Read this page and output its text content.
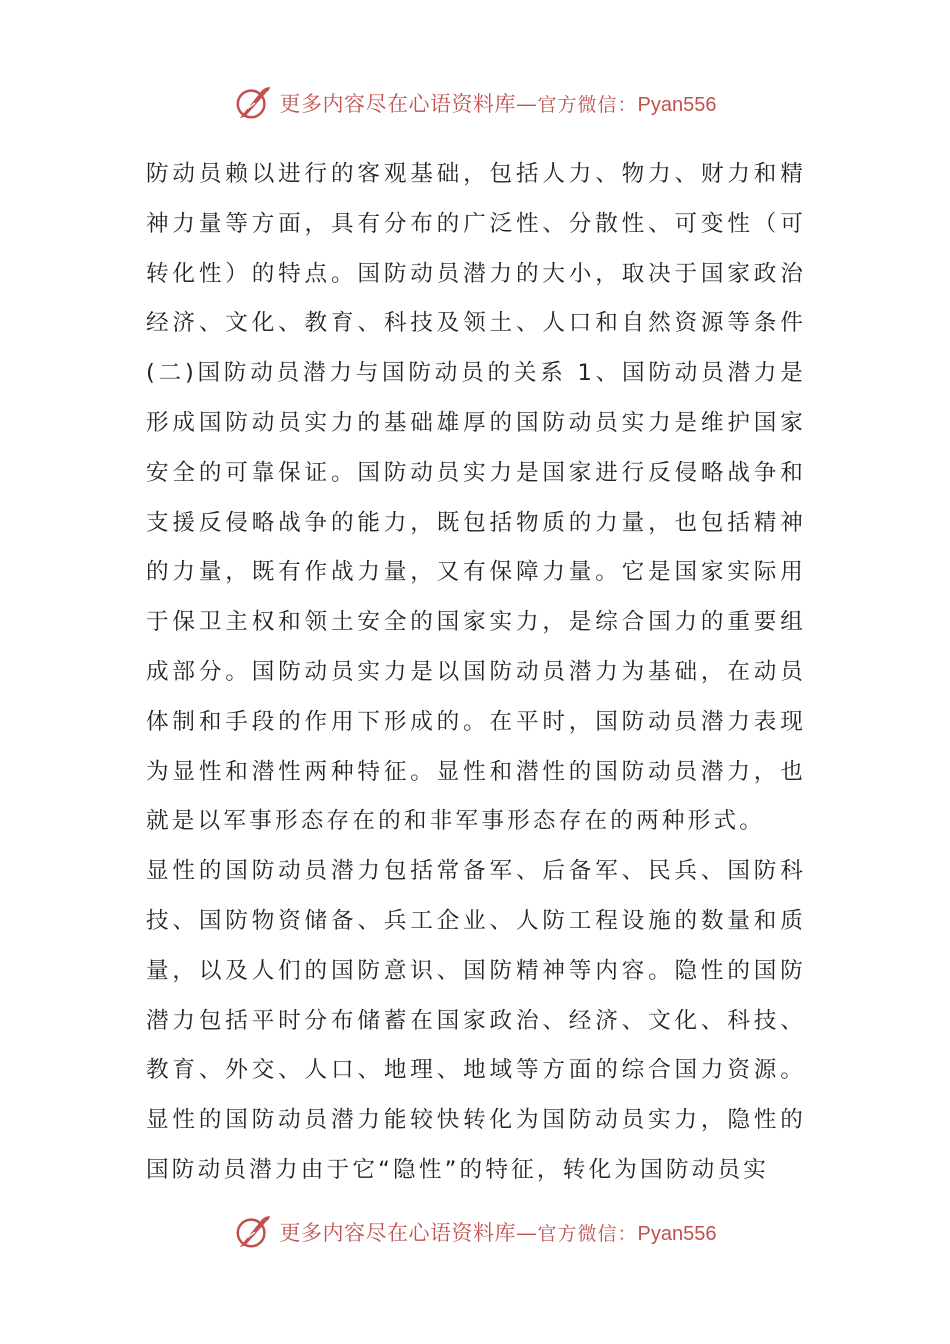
更多内容尽在心语资料库 — 官方微信： Pyan556

防动员赖以进行的客观基础，包括人力、物力、财力和精神力量等方面，具有分布的广泛性、分散性、可变性（可转化性）的特点。国防动员潜力的大小，取决于国家政治经济、文化、教育、科技及领土、人口和自然资源等条件(二)国防动员潜力与国防动员的关系 1、国防动员潜力是形成国防动员实力的基础雄厚的国防动员实力是维护国家安全的可靠保证。国防动员实力是国家进行反侵略战争和支援反侵略战争的能力，既包括物质的力量，也包括精神的力量，既有作战力量，又有保障力量。它是国家实际用于保卫主权和领土安全的国家实力，是综合国力的重要组成部分。国防动员实力是以国防动员潜力为基础，在动员体制和手段的作用下形成的。在平时，国防动员潜力表现为显性和潜性两种特征。显性和潜性的国防动员潜力，也就是以军事形态存在的和非军事形态存在的两种形式。

显性的国防动员潜力包括常备军、后备军、民兵、国防科技、国防物资储备、兵工企业、人防工程设施的数量和质量，以及人们的国防意识、国防精神等内容。隐性的国防潜力包括平时分布储蓄在国家政治、经济、文化、科技、教育、外交、人口、地理、地域等方面的综合国力资源。显性的国防动员潜力能较快转化为国防动员实力，隐性的国防动员潜力由于它“隐性”的特征，转化为国防动员实

更多内容尽在心语资料库 — 官方微信： Pyan556
